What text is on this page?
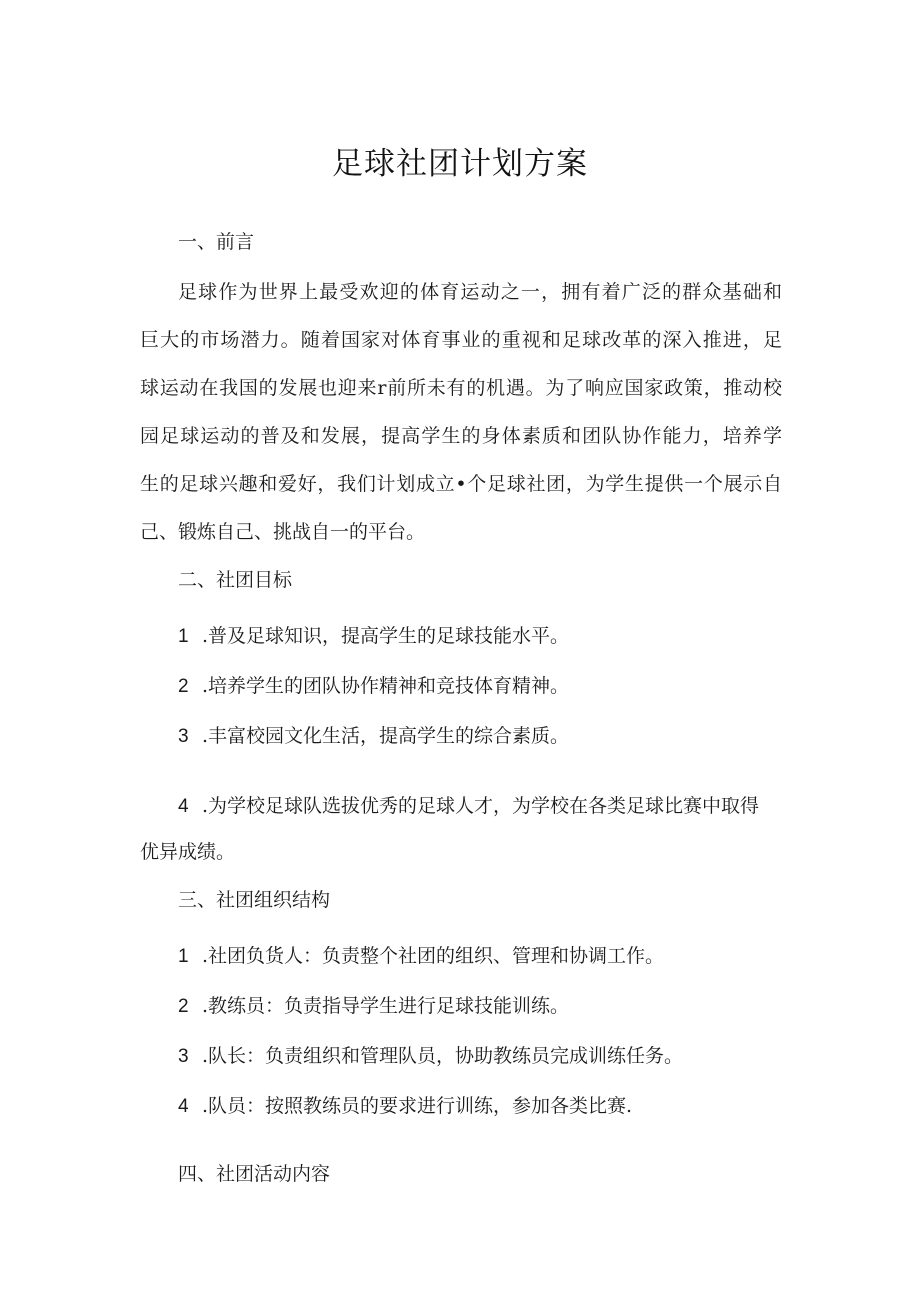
足球社团计划方案
一、前言
足球作为世界上最受欢迎的体育运动之一，拥有着广泛的群众基础和
巨大的市场潜力。随着国家对体育事业的重视和足球改革的深入推进，足
球运动在我国的发展也迎来r前所未有的机遇。为了响应国家政策，推动校
园足球运动的普及和发展，提高学生的身体素质和团队协作能力，培养学
生的足球兴趣和爱好，我们计划成立•个足球社团，为学生提供一个展示自
己、锻炼自己、挑战自一的平台。
二、社团目标
1 .普及足球知识，提高学生的足球技能水平。
2 .培养学生的团队协作精神和竞技体育精神。
3 .丰富校园文化生活，提高学生的综合素质。
4 .为学校足球队选拔优秀的足球人才，为学校在各类足球比赛中取得
优异成绩。
三、社团组织结构
1 .社团负货人：负责整个社团的组织、管理和协调工作。
2 .教练员：负责指导学生进行足球技能训练。
3 .队长：负责组织和管理队员，协助教练员完成训练任务。
4 .队员：按照教练员的要求进行训练，参加各类比赛.
四、社团活动内容
